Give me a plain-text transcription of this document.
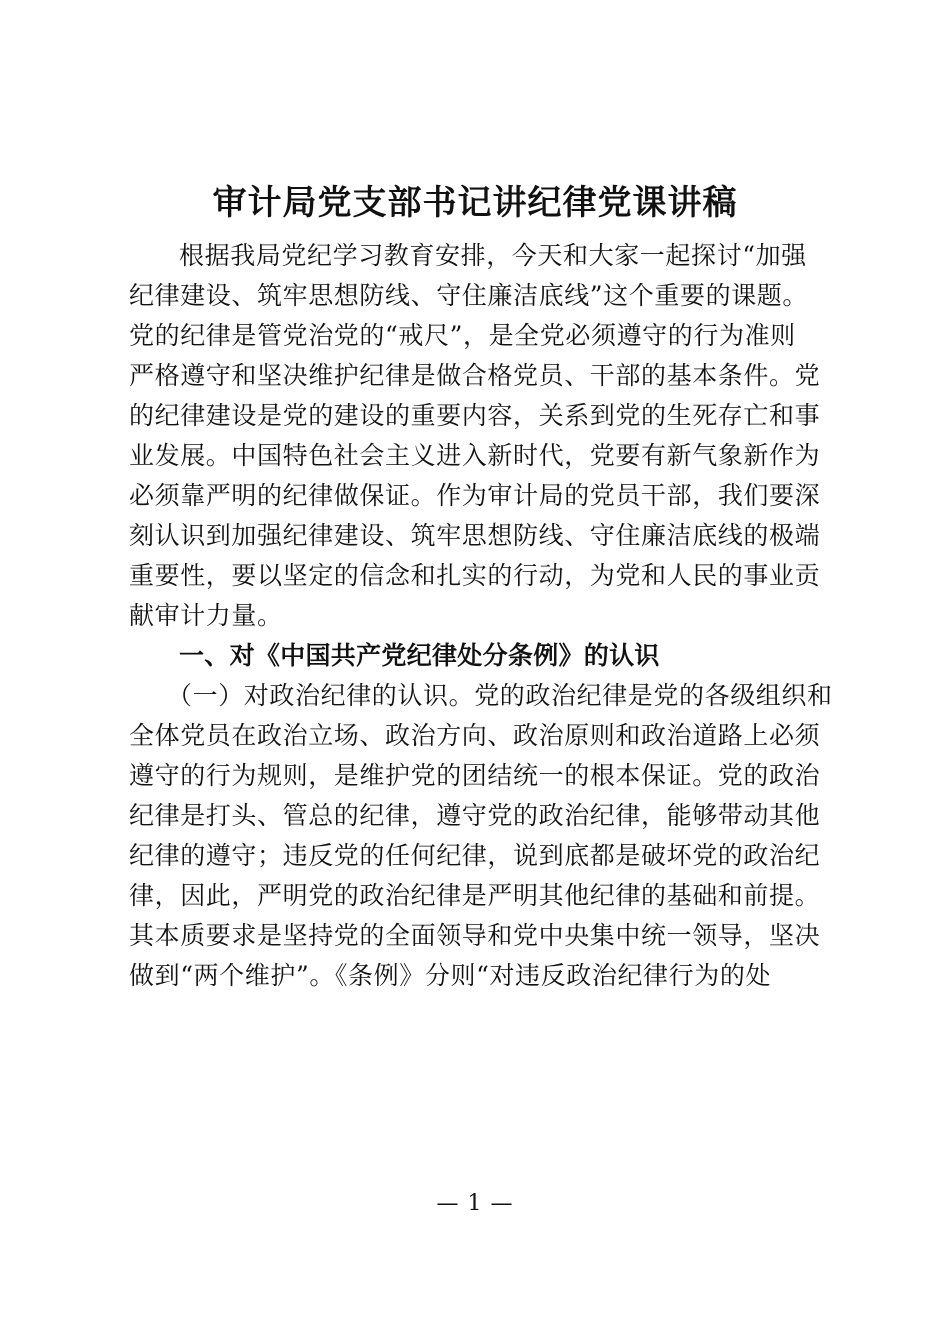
审计局党支部书记讲纪律党课讲稿
根据我局党纪学习教育安排，今天和大家一起探讨“加强
纪律建设、筑牢思想防线、守住廉洁底线”这个重要的课题。
党的纪律是管党治党的“戒尺”，是全党必须遵守的行为准则
严格遵守和坚决维护纪律是做合格党员、干部的基本条件。党
的纪律建设是党的建设的重要内容，关系到党的生死存亡和事
业发展。中国特色社会主义进入新时代，党要有新气象新作为
必须靠严明的纪律做保证。作为审计局的党员干部，我们要深
刻认识到加强纪律建设、筑牢思想防线、守住廉洁底线的极端
重要性，要以坚定的信念和扎实的行动，为党和人民的事业贡
献审计力量。
一、对《中国共产党纪律处分条例》的认识
（一）对政治纪律的认识。党的政治纪律是党的各级组织和
全体党员在政治立场、政治方向、政治原则和政治道路上必须
遵守的行为规则，是维护党的团结统一的根本保证。党的政治
纪律是打头、管总的纪律，遵守党的政治纪律，能够带动其他
纪律的遵守；违反党的任何纪律，说到底都是破坏党的政治纪
律，因此，严明党的政治纪律是严明其他纪律的基础和前提。
其本质要求是坚持党的全面领导和党中央集中统一领导，坚决
做到“两个维护”。《条例》分则“对违反政治纪律行为的处
— 1 —
